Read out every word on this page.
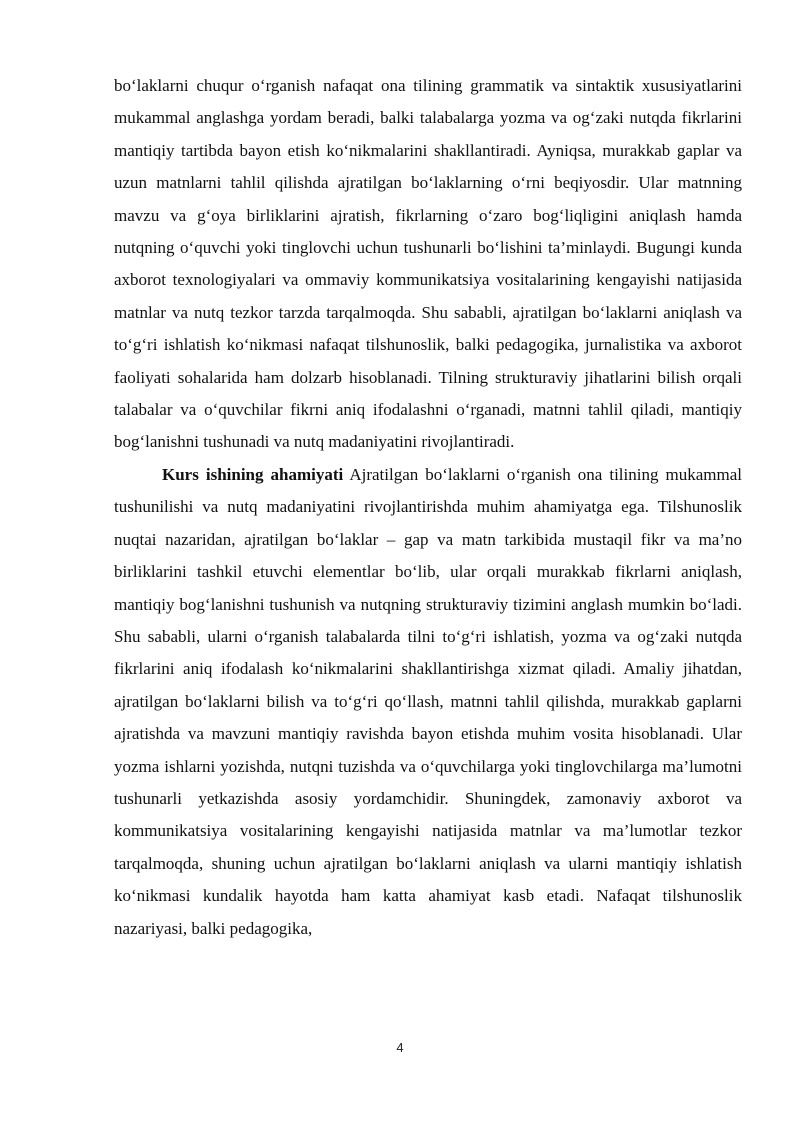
bo‘laklarni chuqur o‘rganish nafaqat ona tilining grammatik va sintaktik xususiyatlarini mukammal anglashga yordam beradi, balki talabalarga yozma va og‘zaki nutqda fikrlarini mantiqiy tartibda bayon etish ko‘nikmalarini shakllantiradi. Ayniqsa, murakkab gaplar va uzun matnlarni tahlil qilishda ajratilgan bo‘laklarning o‘rni beqiyosdir. Ular matnning mavzu va g‘oya birliklarini ajratish, fikrlarning o‘zaro bog‘liqligini aniqlash hamda nutqning o‘quvchi yoki tinglovchi uchun tushunarli bo‘lishini ta’minlaydi. Bugungi kunda axborot texnologiyalari va ommaviy kommunikatsiya vositalarining kengayishi natijasida matnlar va nutq tezkor tarzda tarqalmoqda. Shu sababli, ajratilgan bo‘laklarni aniqlash va to‘g‘ri ishlatish ko‘nikmasi nafaqat tilshunoslik, balki pedagogika, jurnalistika va axborot faoliyati sohalarida ham dolzarb hisoblanadi. Tilning strukturaviy jihatlarini bilish orqali talabalar va o‘quvchilar fikrni aniq ifodalashni o‘rganadi, matnni tahlil qiladi, mantiqiy bog‘lanishni tushunadi va nutq madaniyatini rivojlantiradi.

Kurs ishining ahamiyati Ajratilgan bo‘laklarni o‘rganish ona tilining mukammal tushunilishi va nutq madaniyatini rivojlantirishda muhim ahamiyatga ega. Tilshunoslik nuqtai nazaridan, ajratilgan bo‘laklar – gap va matn tarkibida mustaqil fikr va ma’no birliklarini tashkil etuvchi elementlar bo‘lib, ular orqali murakkab fikrlarni aniqlash, mantiqiy bog‘lanishni tushunish va nutqning strukturaviy tizimini anglash mumkin bo‘ladi. Shu sababli, ularni o‘rganish talabalarda tilni to‘g‘ri ishlatish, yozma va og‘zaki nutqda fikrlarini aniq ifodalash ko‘nikmalarini shakllantirishga xizmat qiladi. Amaliy jihatdan, ajratilgan bo‘laklarni bilish va to‘g‘ri qo‘llash, matnni tahlil qilishda, murakkab gaplarni ajratishda va mavzuni mantiqiy ravishda bayon etishda muhim vosita hisoblanadi. Ular yozma ishlarni yozishda, nutqni tuzishda va o‘quvchilarga yoki tinglovchilarga ma’lumotni tushunarli yetkazishda asosiy yordamchidir. Shuningdek, zamonaviy axborot va kommunikatsiya vositalarining kengayishi natijasida matnlar va ma’lumotlar tezkor tarqalmoqda, shuning uchun ajratilgan bo‘laklarni aniqlash va ularni mantiqiy ishlatish ko‘nikmasi kundalik hayotda ham katta ahamiyat kasb etadi. Nafaqat tilshunoslik nazariyasi, balki pedagogika,

4
